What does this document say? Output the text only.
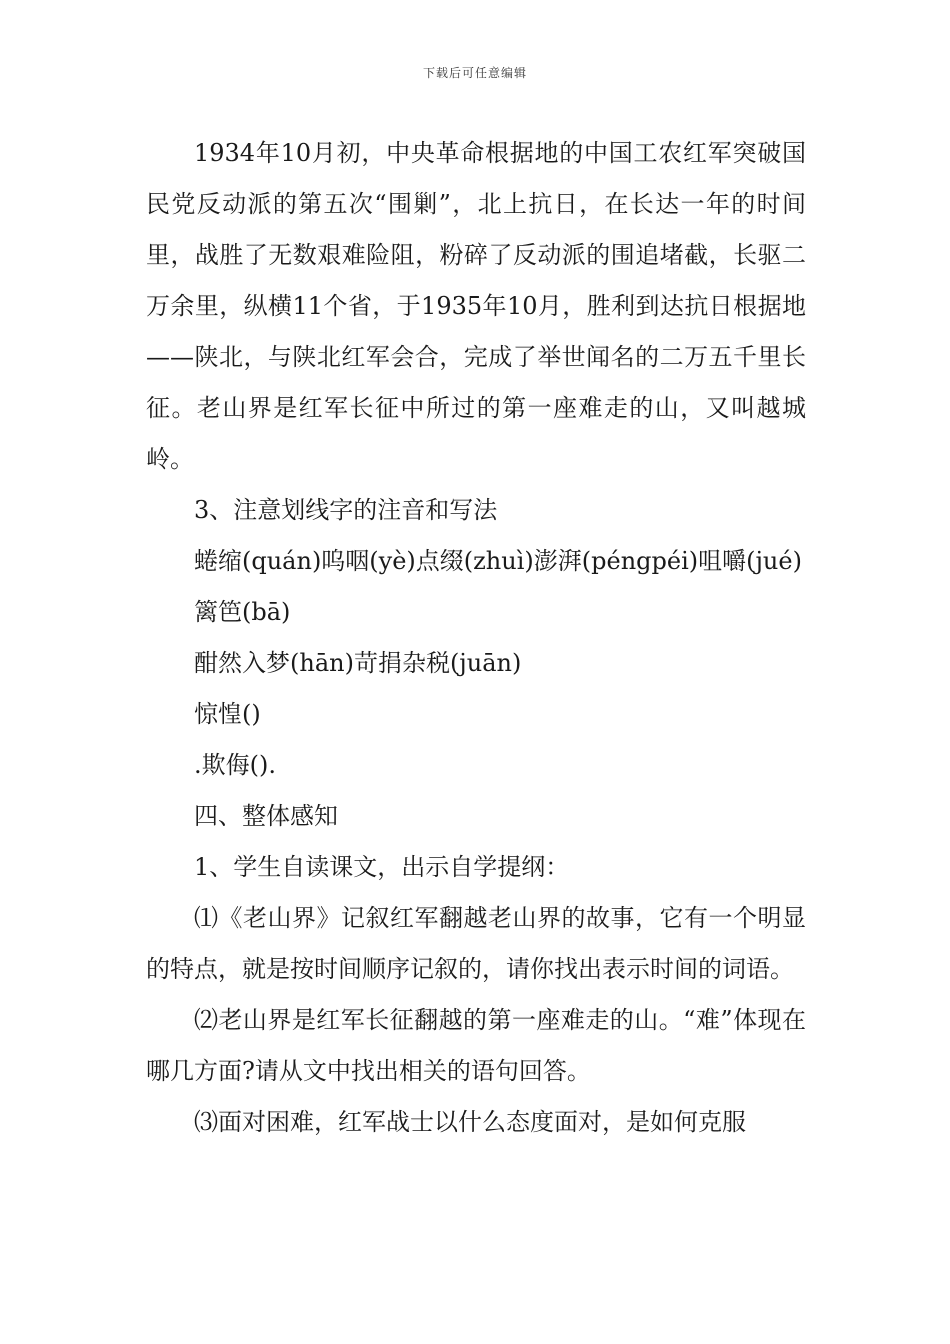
下载后可任意编辑

1934年10月初，中央革命根据地的中国工农红军突破国民党反动派的第五次“围剿”，北上抗日，在长达一年的时间里，战胜了无数艰难险阻，粉碎了反动派的围追堵截，长驱二万余里，纵横11个省，于1935年10月，胜利到达抗日根据地——陕北，与陕北红军会合，完成了举世闻名的二万五千里长征。老山界是红军长征中所过的第一座难走的山，又叫越城岭。

3、注意划线字的注音和写法

蜷缩(quán)呜咽(yè)点缀(zhuì)澎湃(péngpéi)咀嚼(jué)

篱笆(bā)

酣然入梦(hān)苛捐杂税(juān)

惊惶()

.欺侮().

四、整体感知

1、学生自读课文，出示自学提纲：

⑴《老山界》记叙红军翻越老山界的故事，它有一个明显的特点，就是按时间顺序记叙的，请你找出表示时间的词语。

⑵老山界是红军长征翻越的第一座难走的山。“难”体现在哪几方面?请从文中找出相关的语句回答。

⑶面对困难，红军战士以什么态度面对，是如何克服
